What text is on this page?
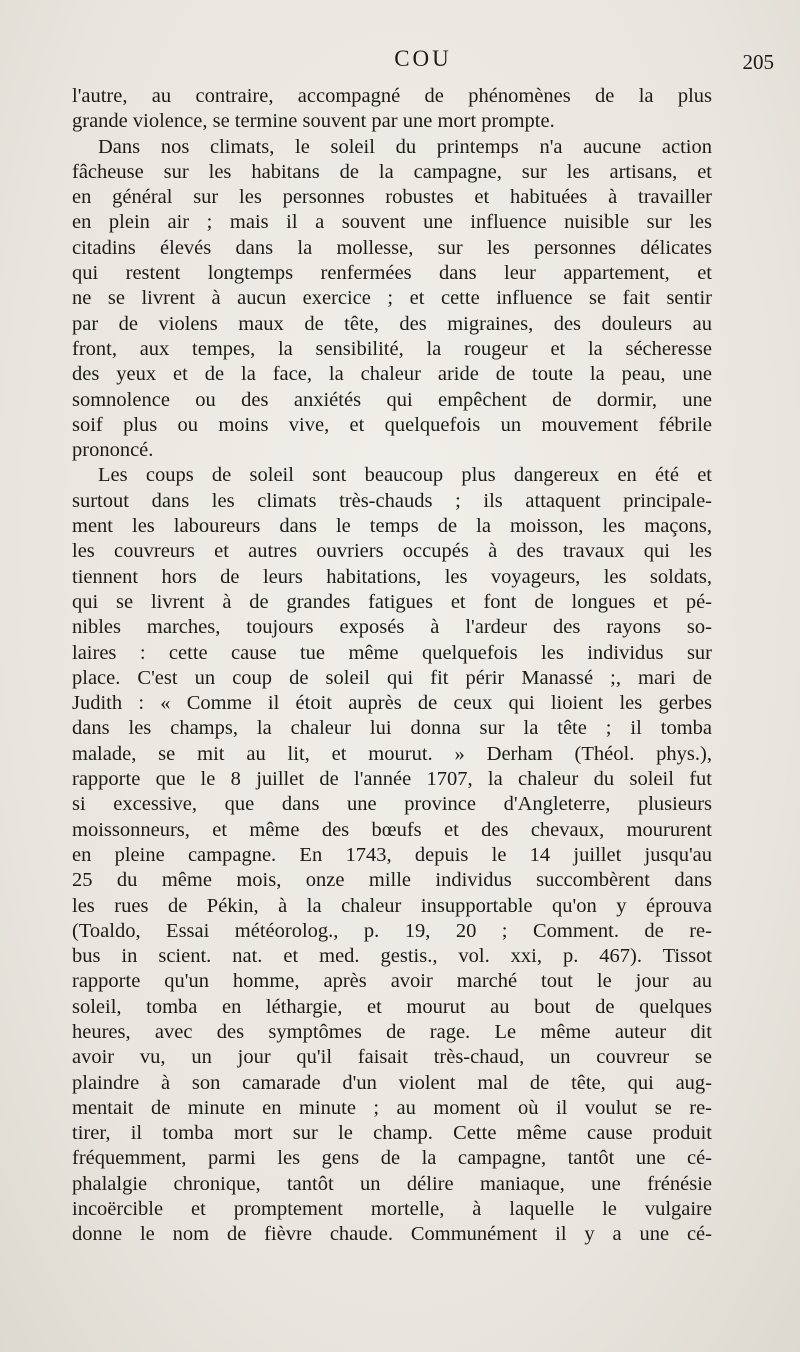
COU	205
l'autre, au contraire, accompagné de phénomènes de la plus
grande violence, se termine souvent par une mort prompte.
Dans nos climats, le soleil du printemps n'a aucune action
fâcheuse sur les habitans de la campagne, sur les artisans, et
en général sur les personnes robustes et habituées à travailler
en plein air ; mais il a souvent une influence nuisible sur les
citadins élevés dans la mollesse, sur les personnes délicates
qui restent longtemps renfermées dans leur appartement, et
ne se livrent à aucun exercice ; et cette influence se fait sentir
par de violens maux de tête, des migraines, des douleurs au
front, aux tempes, la sensibilité, la rougeur et la sécheresse
des yeux et de la face, la chaleur aride de toute la peau, une
somnolence ou des anxiétés qui empêchent de dormir, une
soif plus ou moins vive, et quelquefois un mouvement fébrile
prononcé.
Les coups de soleil sont beaucoup plus dangereux en été et
surtout dans les climats très-chauds ; ils attaquent principale-
ment les laboureurs dans le temps de la moisson, les maçons,
les couvreurs et autres ouvriers occupés à des travaux qui les
tiennent hors de leurs habitations, les voyageurs, les soldats,
qui se livrent à de grandes fatigues et font de longues et pé-
nibles marches, toujours exposés à l'ardeur des rayons so-
laires : cette cause tue même quelquefois les individus sur
place. C'est un coup de soleil qui fit périr Manassé ;, mari de
Judith : « Comme il étoit auprès de ceux qui lioient les gerbes
dans les champs, la chaleur lui donna sur la tête ; il tomba
malade, se mit au lit, et mourut. » Derham (Théol. phys.),
rapporte que le 8 juillet de l'année 1707, la chaleur du soleil fut
si excessive, que dans une province d'Angleterre, plusieurs
moissonneurs, et même des bœufs et des chevaux, moururent
en pleine campagne. En 1743, depuis le 14 juillet jusqu'au
25 du même mois, onze mille individus succombèrent dans
les rues de Pékin, à la chaleur insupportable qu'on y éprouva
(Toaldo, Essai météorolog., p. 19, 20 ; Comment. de re-
bus in scient. nat. et med. gestis., vol. xxi, p. 467). Tissot
rapporte qu'un homme, après avoir marché tout le jour au
soleil, tomba en léthargie, et mourut au bout de quelques
heures, avec des symptômes de rage. Le même auteur dit
avoir vu, un jour qu'il faisait très-chaud, un couvreur se
plaindre à son camarade d'un violent mal de tête, qui aug-
mentait de minute en minute ; au moment où il voulut se re-
tirer, il tomba mort sur le champ. Cette même cause produit
fréquemment, parmi les gens de la campagne, tantôt une cé-
phalalgie chronique, tantôt un délire maniaque, une frénésie
incoërcible et promptement mortelle, à laquelle le vulgaire
donne le nom de fièvre chaude. Communément il y a une cé-
